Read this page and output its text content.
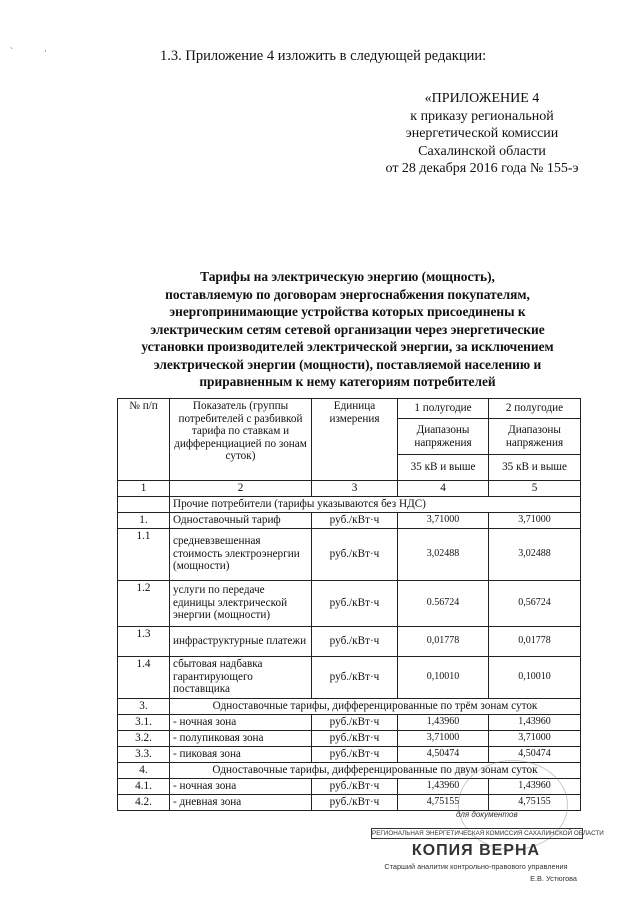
1.3. Приложение 4 изложить в следующей редакции:
«ПРИЛОЖЕНИЕ 4
к приказу региональной
энергетической комиссии
Сахалинской области
от 28 декабря 2016 года № 155-э
Тарифы на электрическую энергию (мощность),
поставляемую по договорам энергоснабжения покупателям,
энергопринимающие устройства которых присоединены к
электрическим сетям сетевой организации через энергетические
установки производителей электрической энергии, за исключением
электрической энергии (мощности), поставляемой населению и
приравненным к нему категориям потребителей
№ п/п	Показатель (группы потребителей с разбивкой тарифа по ставкам и дифференциацией по зонам суток)	Единица измерения	1 полугодие	2 полугодие
			Диапазоны напряжения	Диапазоны напряжения
			35 кВ и выше	35 кВ и выше
1	2	3	4	5
	Прочие потребители (тарифы указываются без НДС)			
1.	Одноставочный тариф	руб./кВт·ч	3,71000	3,71000
1.1	средневзвешенная стоимость электроэнергии (мощности)	руб./кВт·ч	3,02488	3,02488
1.2	услуги по передаче единицы электрической энергии (мощности)	руб./кВт·ч	0.56724	0,56724
1.3	инфраструктурные платежи	руб./кВт·ч	0,01778	0,01778
1.4	сбытовая надбавка гарантирующего поставщика	руб./кВт·ч	0,10010	0,10010
3.	Одноставочные тарифы, дифференцированные по трём зонам суток			
3.1.	- ночная зона	руб./кВт·ч	1,43960	1,43960
3.2.	- полупиковая зона	руб./кВт·ч	3,71000	3,71000
3.3.	- пиковая зона	руб./кВт·ч	4,50474	4,50474
4.	Одноставочные тарифы, дифференцированные по двум зонам суток			
4.1.	- ночная зона	руб./кВт·ч	1,43960	1,43960
4.2.	- дневная зона	руб./кВт·ч	4,75155	4,75155
для документов
РЕГИОНАЛЬНАЯ ЭНЕРГЕТИЧЕСКАЯ КОМИССИЯ САХАЛИНСКОЙ ОБЛАСТИ
КОПИЯ ВЕРНА
Старший аналитик контрольно-правового управления
Е.В. Устюгова
`	·
